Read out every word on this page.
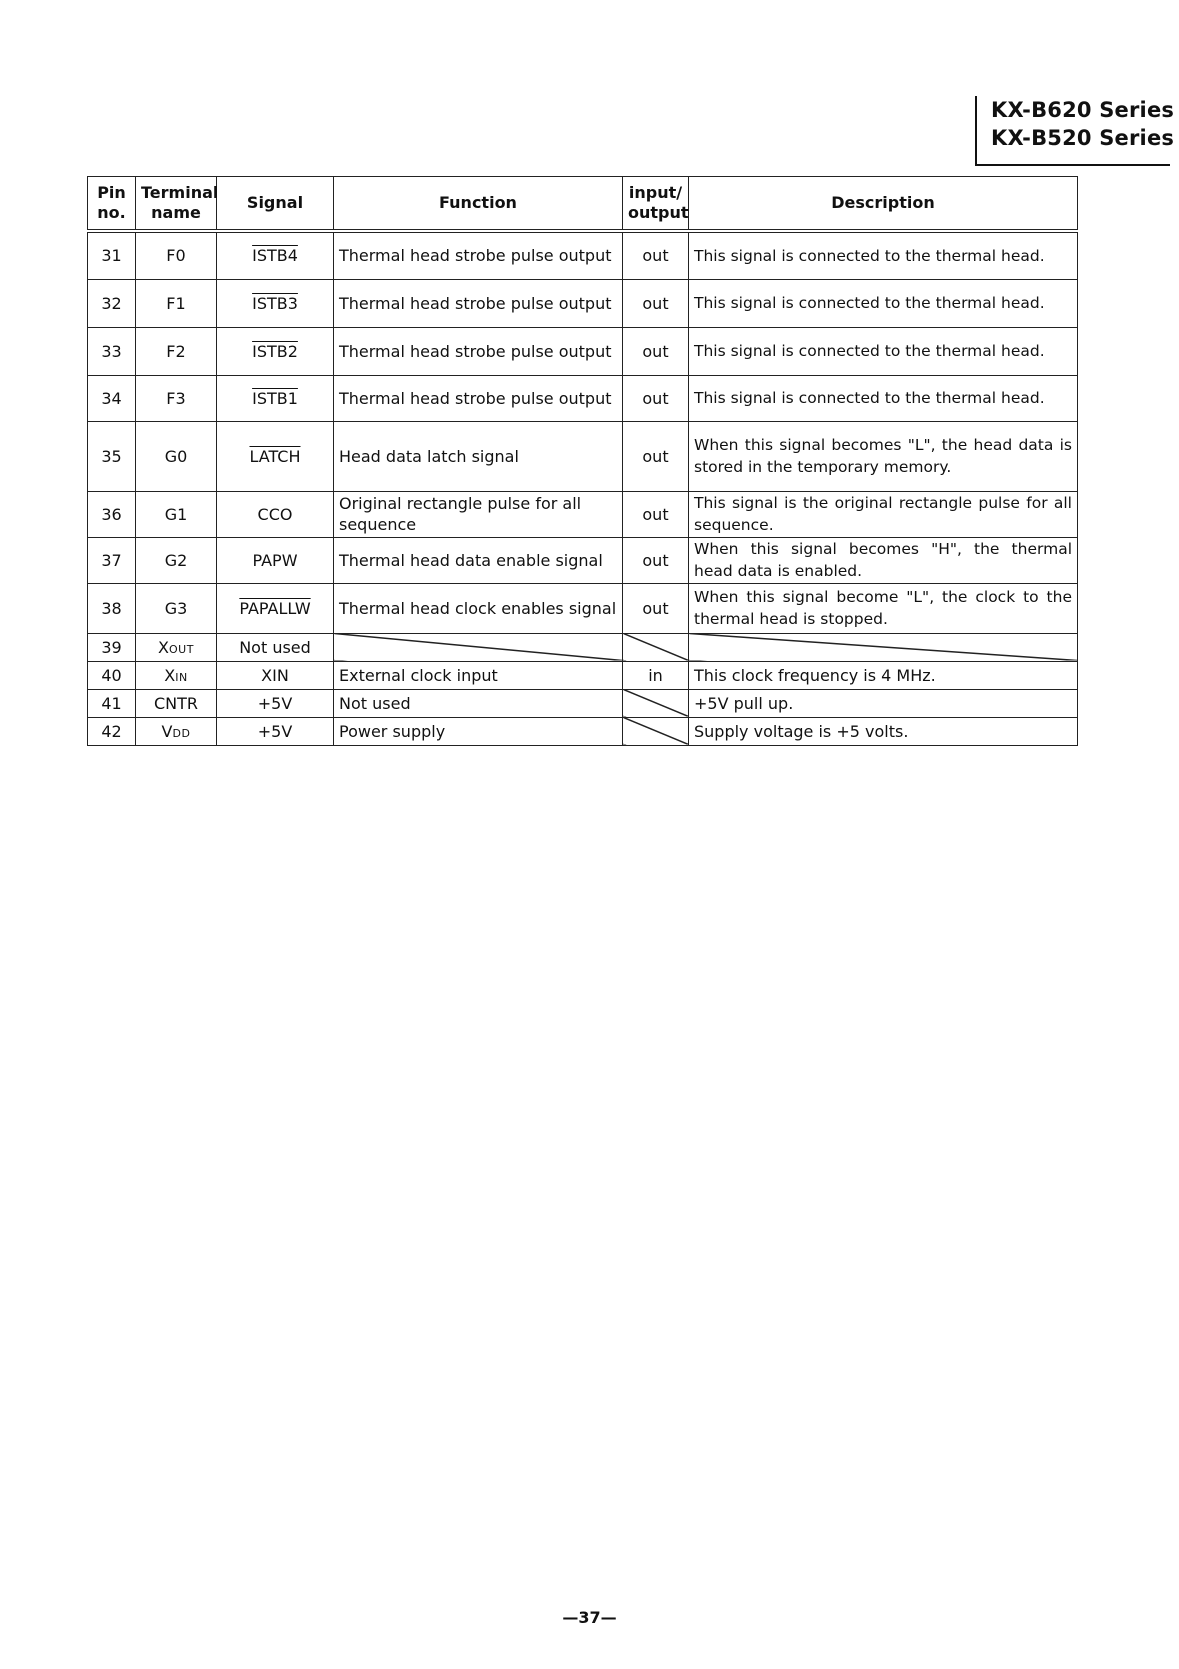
KX-B620 Series
KX-B520 Series
Pin no.	Terminal name	Signal	Function	input/ output	Description
31	F0	ISTB4	Thermal head strobe pulse output	out	This signal is connected to the thermal head.
32	F1	ISTB3	Thermal head strobe pulse output	out	This signal is connected to the thermal head.
33	F2	ISTB2	Thermal head strobe pulse output	out	This signal is connected to the thermal head.
34	F3	ISTB1	Thermal head strobe pulse output	out	This signal is connected to the thermal head.
35	G0	LATCH	Head data latch signal	out	When this signal becomes "L", the head data is stored in the temporary memory.
36	G1	CCO	Original rectangle pulse for all sequence	out	This signal is the original rectangle pulse for all sequence.
37	G2	PAPW	Thermal head data enable signal	out	When this signal becomes "H", the thermal head data is enabled.
38	G3	PAPALLW	Thermal head clock enables signal	out	When this signal become "L", the clock to the thermal head is stopped.
39	XOUT	Not used			
40	XIN	XIN	External clock input	in	This clock frequency is 4 MHz.
41	CNTR	+5V	Not used		+5V pull up.
42	VDD	+5V	Power supply		Supply voltage is +5 volts.
—37—
